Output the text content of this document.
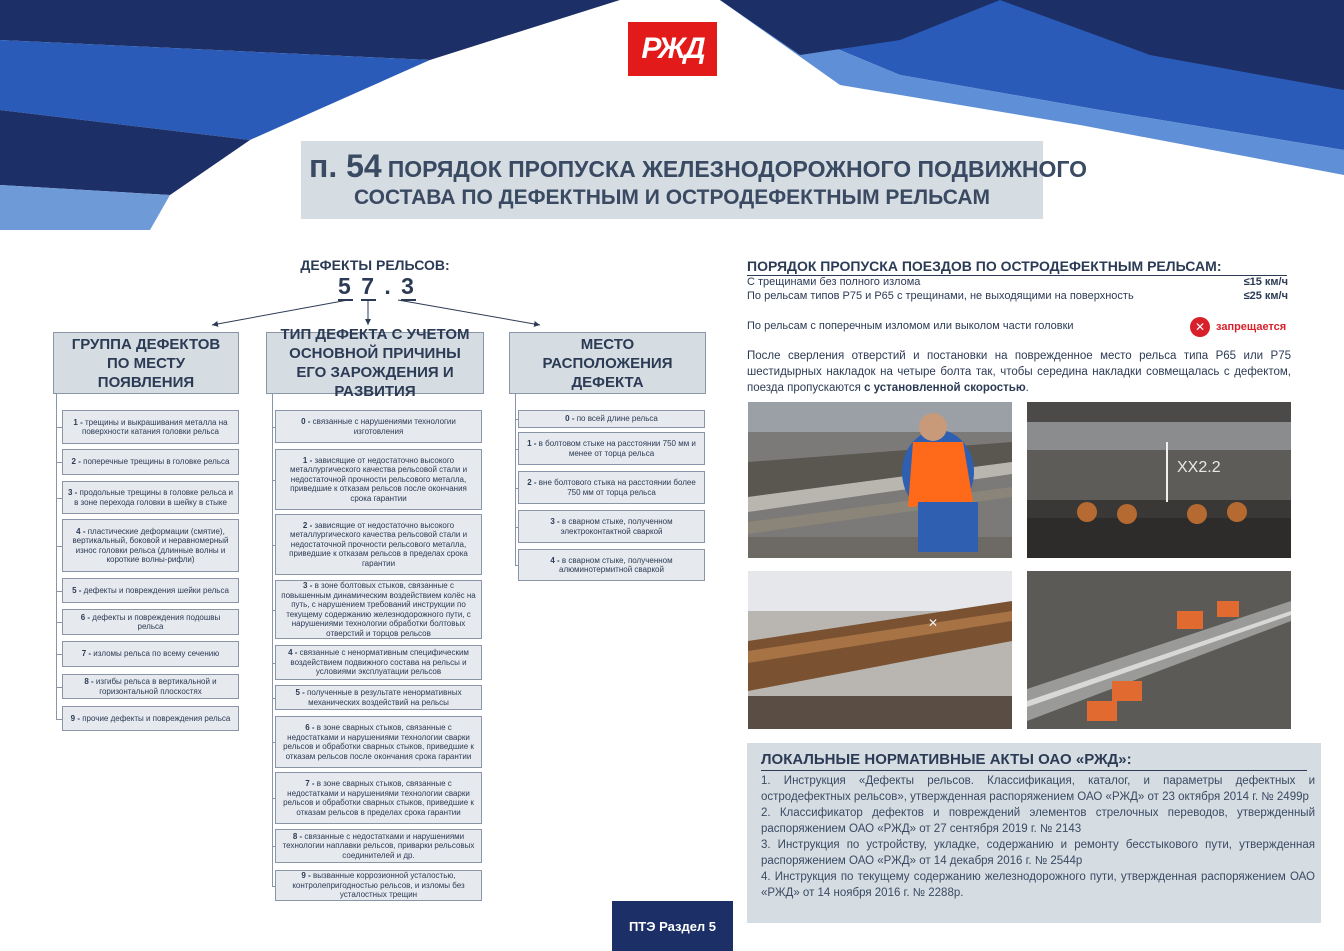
РЖД
п. 54 ПОРЯДОК ПРОПУСКА ЖЕЛЕЗНОДОРОЖНОГО ПОДВИЖНОГО
СОСТАВА ПО ДЕФЕКТНЫМ И ОСТРОДЕФЕКТНЫМ РЕЛЬСАМ
ДЕФЕКТЫ РЕЛЬСОВ:
5 7 . 3
ГРУППА ДЕФЕКТОВ ПО МЕСТУ ПОЯВЛЕНИЯ
ТИП ДЕФЕКТА С УЧЕТОМ ОСНОВНОЙ ПРИЧИНЫ ЕГО ЗАРОЖДЕНИЯ И РАЗВИТИЯ
МЕСТО РАСПОЛОЖЕНИЯ ДЕФЕКТА
1 - трещины и выкрашивания металла на поверхности катания головки рельса
2 - поперечные трещины в головке рельса
3 - продольные трещины в головке рельса и в зоне перехода головки в шейку в стыке
4 - пластические деформации (смятие), вертикальный, боковой и неравномерный износ головки рельса (длинные волны и короткие волны-рифли)
5 - дефекты и повреждения шейки рельса
6 - дефекты и повреждения подошвы рельса
7 - изломы рельса по всему сечению
8 - изгибы рельса в вертикальной и горизонтальной плоскостях
9 - прочие дефекты и повреждения рельса
0 - связанные с нарушениями технологии изготовления
1 - зависящие от недостаточно высокого металлургического качества рельсовой стали и недостаточной прочности рельсового металла, приведшие к отказам рельсов после окончания срока гарантии
2 - зависящие от недостаточно высокого металлургического качества рельсовой стали и недостаточной прочности рельсового металла, приведшие к отказам рельсов в пределах срока гарантии
3 - в зоне болтовых стыков, связанные с повышенным динамическим воздействием колёс на путь, с нарушением требований инструкции по текущему содержанию железнодорожного пути, с нарушениями технологии обработки болтовых отверстий и торцов рельсов
4 - связанные с ненормативным специфическим воздействием подвижного состава на рельсы и условиями эксплуатации рельсов
5 - полученные в результате ненормативных механических воздействий на рельсы
6 - в зоне сварных стыков, связанные с недостатками и нарушениями технологии сварки рельсов и обработки сварных стыков, приведшие к отказам рельсов после окончания срока гарантии
7 - в зоне сварных стыков, связанные с недостатками и нарушениями технологии сварки рельсов и обработки сварных стыков, приведшие к отказам рельсов в пределах срока гарантии
8 - связанные с недостатками и нарушениями технологии наплавки рельсов, приварки рельсовых соединителей и др.
9 - вызванные коррозионной усталостью, контролепригодностью рельсов, и изломы без усталостных трещин
0 - по всей длине рельса
1 - в болтовом стыке на расстоянии 750 мм и менее от торца рельса
2 - вне болтового стыка на расстоянии более 750 мм от торца рельса
3 - в сварном стыке, полученном электроконтактной сваркой
4 - в сварном стыке, полученном алюминотермитной сваркой
ПОРЯДОК ПРОПУСКА ПОЕЗДОВ ПО ОСТРОДЕФЕКТНЫМ РЕЛЬСАМ:
С трещинами без полного излома	≤15 км/ч
По рельсам типов Р75 и Р65 с трещинами, не выходящими на поверхность	≤25 км/ч
По рельсам с поперечным изломом или выколом части головки	✕ запрещается
После сверления отверстий и постановки на поврежденное место рельса типа Р65 или Р75 шестидырных накладок на четыре болта так, чтобы середина накладки совмещалась с дефектом, поезда пропускаются с установленной скоростью.
ХХ2.2
✕
ЛОКАЛЬНЫЕ НОРМАТИВНЫЕ АКТЫ ОАО «РЖД»:
1. Инструкция «Дефекты рельсов. Классификация, каталог, и параметры дефектных и остродефектных рельсов», утвержденная распоряжением ОАО «РЖД» от 23 октября 2014 г. № 2499р
2. Классификатор дефектов и повреждений элементов стрелочных переводов, утвержденный распоряжением ОАО «РЖД» от 27 сентября 2019 г. № 2143
3. Инструкция по устройству, укладке, содержанию и ремонту бесстыкового пути, утвержденная распоряжением ОАО «РЖД» от 14 декабря 2016 г. № 2544р
4. Инструкция по текущему содержанию железнодорожного пути, утвержденная распоряжением ОАО «РЖД» от 14 ноября 2016 г. № 2288р.
ПТЭ Раздел 5
